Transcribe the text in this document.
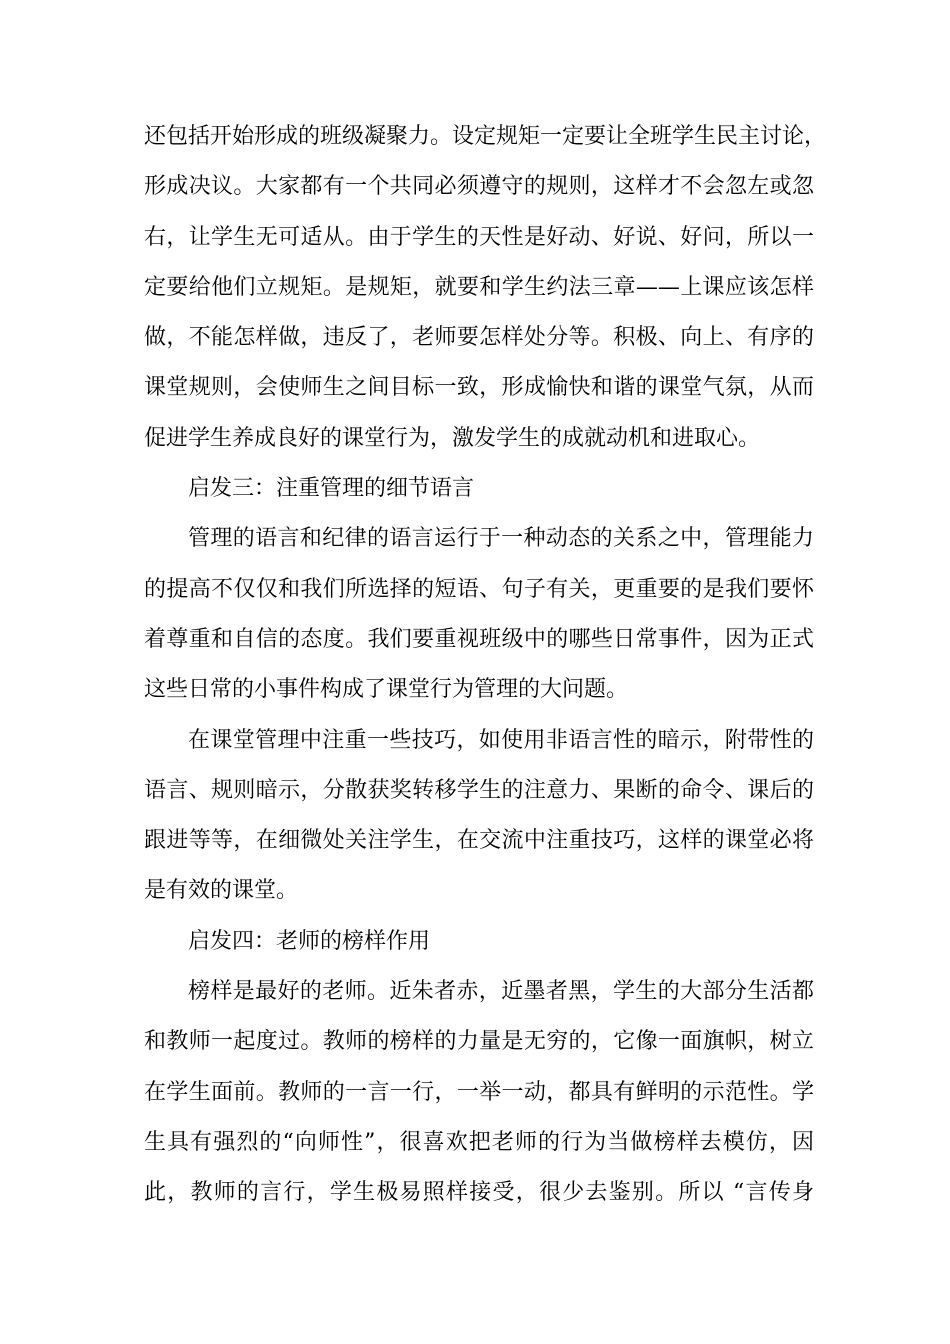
还包括开始形成的班级凝聚力。设定规矩一定要让全班学生民主讨论，
形成决议。大家都有一个共同必须遵守的规则，这样才不会忽左或忽
右，让学生无可适从。由于学生的天性是好动、好说、好问，所以一
定要给他们立规矩。是规矩，就要和学生约法三章——上课应该怎样
做，不能怎样做，违反了，老师要怎样处分等。积极、向上、有序的
课堂规则，会使师生之间目标一致，形成愉快和谐的课堂气氛，从而
促进学生养成良好的课堂行为，激发学生的成就动机和进取心。
启发三：注重管理的细节语言
管理的语言和纪律的语言运行于一种动态的关系之中，管理能力
的提高不仅仅和我们所选择的短语、句子有关，更重要的是我们要怀
着尊重和自信的态度。我们要重视班级中的哪些日常事件，因为正式
这些日常的小事件构成了课堂行为管理的大问题。
在课堂管理中注重一些技巧，如使用非语言性的暗示，附带性的
语言、规则暗示，分散获奖转移学生的注意力、果断的命令、课后的
跟进等等，在细微处关注学生，在交流中注重技巧，这样的课堂必将
是有效的课堂。
启发四：老师的榜样作用
榜样是最好的老师。近朱者赤，近墨者黑，学生的大部分生活都
和教师一起度过。教师的榜样的力量是无穷的，它像一面旗帜，树立
在学生面前。教师的一言一行，一举一动，都具有鲜明的示范性。学
生具有强烈的“向师性”，很喜欢把老师的行为当做榜样去模仿，因
此，教师的言行，学生极易照样接受，很少去鉴别。所以 “言传身
